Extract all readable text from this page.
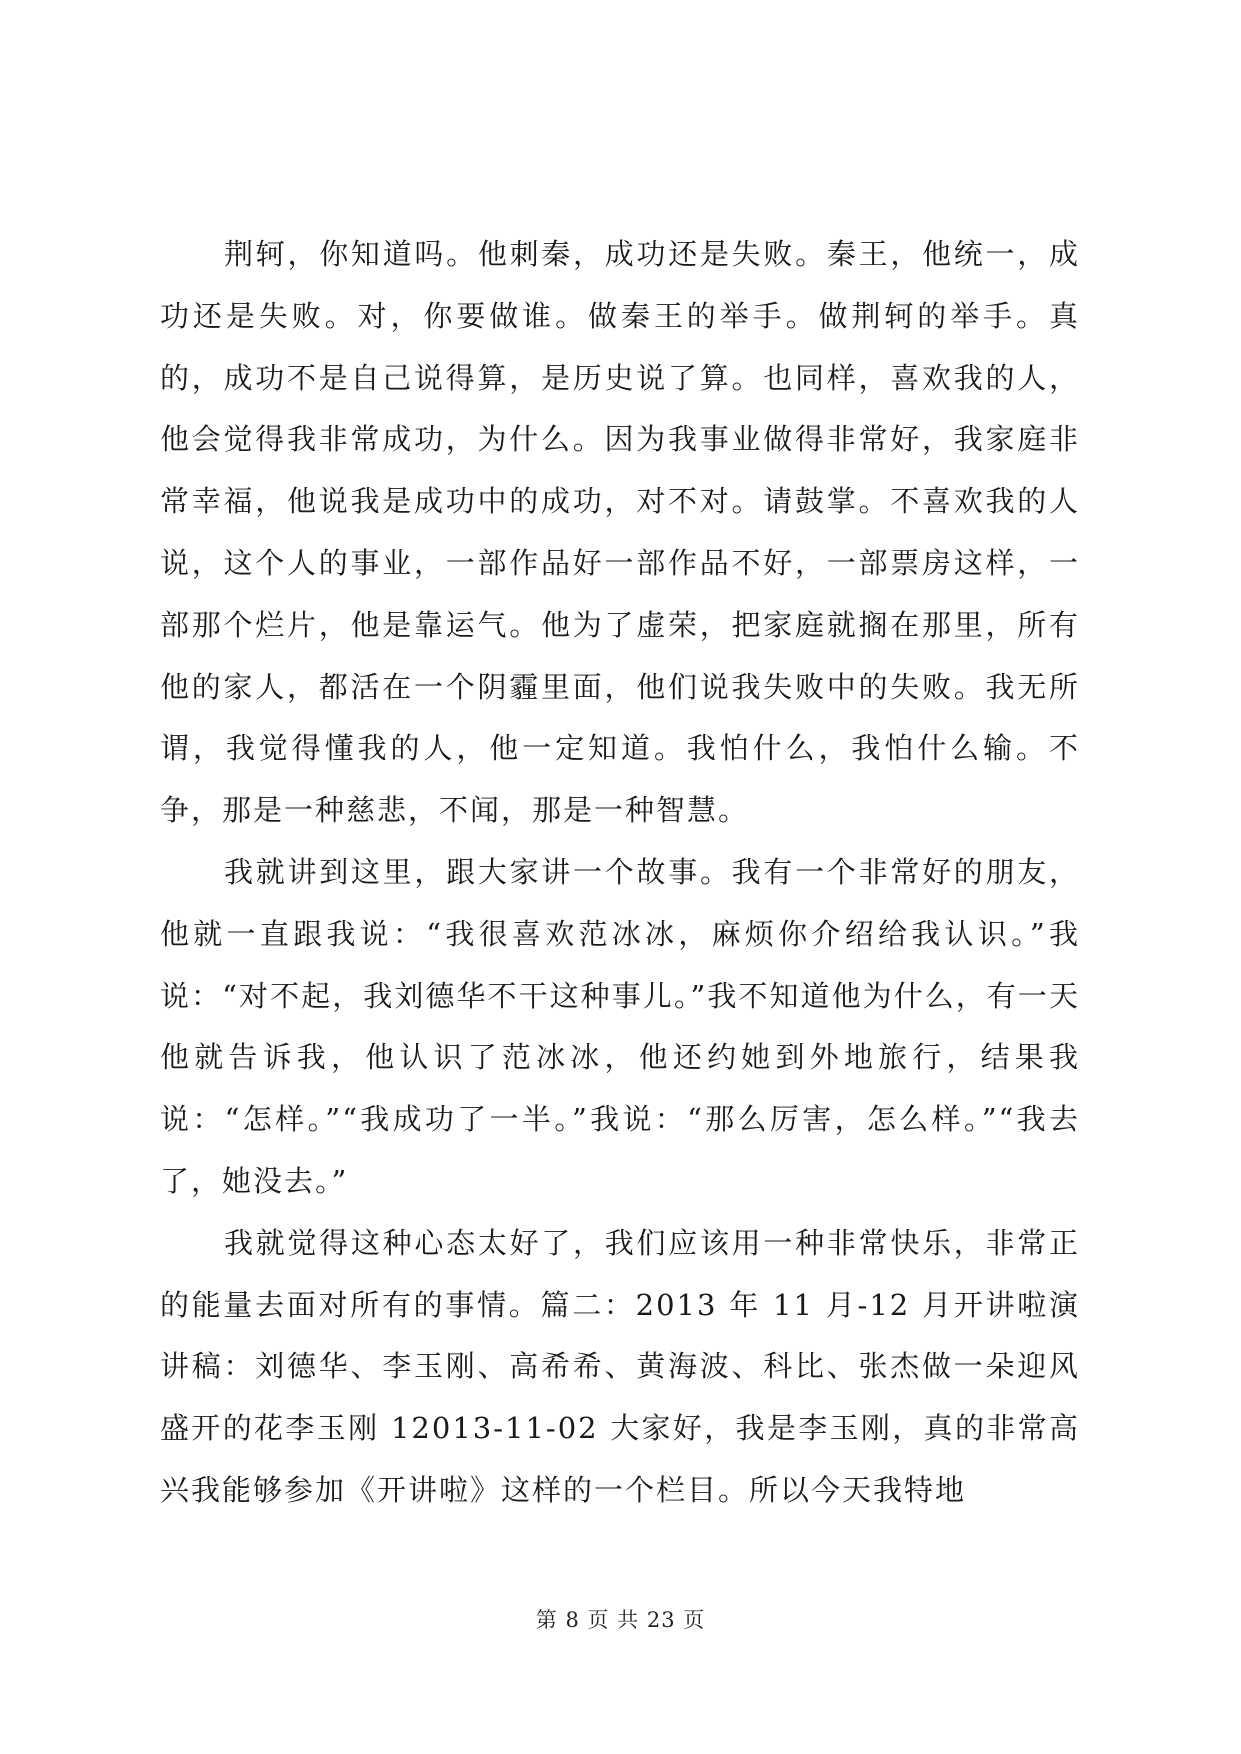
荆轲，你知道吗。他刺秦，成功还是失败。秦王，他统一，成功还是失败。对，你要做谁。做秦王的举手。做荆轲的举手。真的，成功不是自己说得算，是历史说了算。也同样，喜欢我的人，他会觉得我非常成功，为什么。因为我事业做得非常好，我家庭非常幸福，他说我是成功中的成功，对不对。请鼓掌。不喜欢我的人说，这个人的事业，一部作品好一部作品不好，一部票房这样，一部那个烂片，他是靠运气。他为了虚荣，把家庭就搁在那里，所有他的家人，都活在一个阴霾里面，他们说我失败中的失败。我无所谓，我觉得懂我的人，他一定知道。我怕什么，我怕什么输。不争，那是一种慈悲，不闻，那是一种智慧。

我就讲到这里，跟大家讲一个故事。我有一个非常好的朋友，他就一直跟我说：“我很喜欢范冰冰，麻烦你介绍给我认识。”我说：“对不起，我刘德华不干这种事儿。”我不知道他为什么，有一天他就告诉我，他认识了范冰冰，他还约她到外地旅行，结果我说：“怎样。”“我成功了一半。”我说：“那么厉害，怎么样。”“我去了，她没去。”

我就觉得这种心态太好了，我们应该用一种非常快乐，非常正的能量去面对所有的事情。篇二：2013 年 11 月-12 月开讲啦演讲稿：刘德华、李玉刚、高希希、黄海波、科比、张杰做一朵迎风盛开的花李玉刚 12013-11-02 大家好，我是李玉刚，真的非常高兴我能够参加《开讲啦》这样的一个栏目。所以今天我特地

第 8 页 共 23 页
